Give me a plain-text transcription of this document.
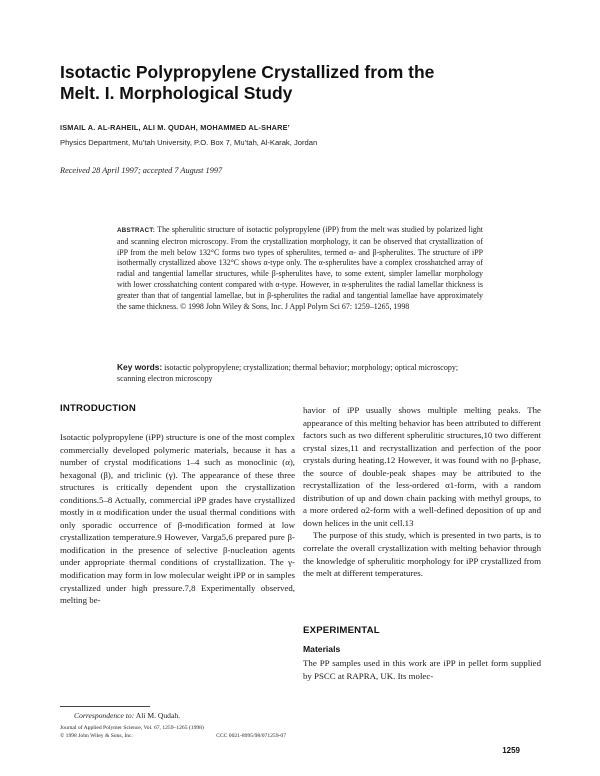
Isotactic Polypropylene Crystallized from the
Melt. I. Morphological Study
ISMAIL A. AL-RAHEIL, ALI M. QUDAH, MOHAMMED AL-SHARE’
Physics Department, Mu’tah University, P.O. Box 7, Mu’tah, Al-Karak, Jordan
Received 28 April 1997; accepted 7 August 1997
ABSTRACT: The spherulitic structure of isotactic polypropylene (iPP) from the melt was studied by polarized light and scanning electron microscopy. From the crystallization morphology, it can be observed that crystallization of iPP from the melt below 132°C forms two types of spherulites, termed α- and β-spherulites. The structure of iPP isothermally crystallized above 132°C shows α-type only. The α-spherulites have a complex crosshatched array of radial and tangential lamellar structures, while β-spherulites have, to some extent, simpler lamellar morphology with lower crosshatching content compared with α-type. However, in α-spherulites the radial lamellar thickness is greater than that of tangential lamellae, but in β-spherulites the radial and tangential lamellae have approximately the same thickness. © 1998 John Wiley & Sons, Inc. J Appl Polym Sci 67: 1259–1265, 1998
Key words: isotactic polypropylene; crystallization; thermal behavior; morphology; optical microscopy; scanning electron microscopy
INTRODUCTION

Isotactic polypropylene (iPP) structure is one of the most complex commercially developed polymeric materials, because it has a number of crystal modifications 1–4 such as monoclinic (α), hexagonal (β), and triclinic (γ). The appearance of these three structures is critically dependent upon the crystallization conditions.5–8 Actually, commercial iPP grades have crystallized mostly in α modification under the usual thermal conditions with only sporadic occurrence of β-modification formed at low crystallization temperature.9 However, Varga5,6 prepared pure β-modification in the presence of selective β-nucleation agents under appropriate thermal conditions of crystallization. The γ-modification may form in low molecular weight iPP or in samples crystallized under high pressure.7,8 Experimentally observed, melting be-

havior of iPP usually shows multiple melting peaks. The appearance of this melting behavior has been attributed to different factors such as two different spherulitic structures,10 two different crystal sizes,11 and recrystallization and perfection of the poor crystals during heating.12 However, it was found with no β-phase, the source of double-peak shapes may be attributed to the recrystallization of the less-ordered α1-form, with a random distribution of up and down chain packing with methyl groups, to a more ordered α2-form with a well-defined deposition of up and down helices in the unit cell.13

The purpose of this study, which is presented in two parts, is to correlate the overall crystallization with melting behavior through the knowledge of spherulitic morphology for iPP crystallized from the melt at different temperatures.

EXPERIMENTAL
Materials

The PP samples used in this work are iPP in pellet form supplied by PSCC at RAPRA, UK. Its molec-

Correspondence to: Ali M. Qudah.
Journal of Applied Polymer Science, Vol. 67, 1259–1265 (1998)
© 1998 John Wiley & Sons, Inc.	CCC 0021-8995/98/071259-07
1259
